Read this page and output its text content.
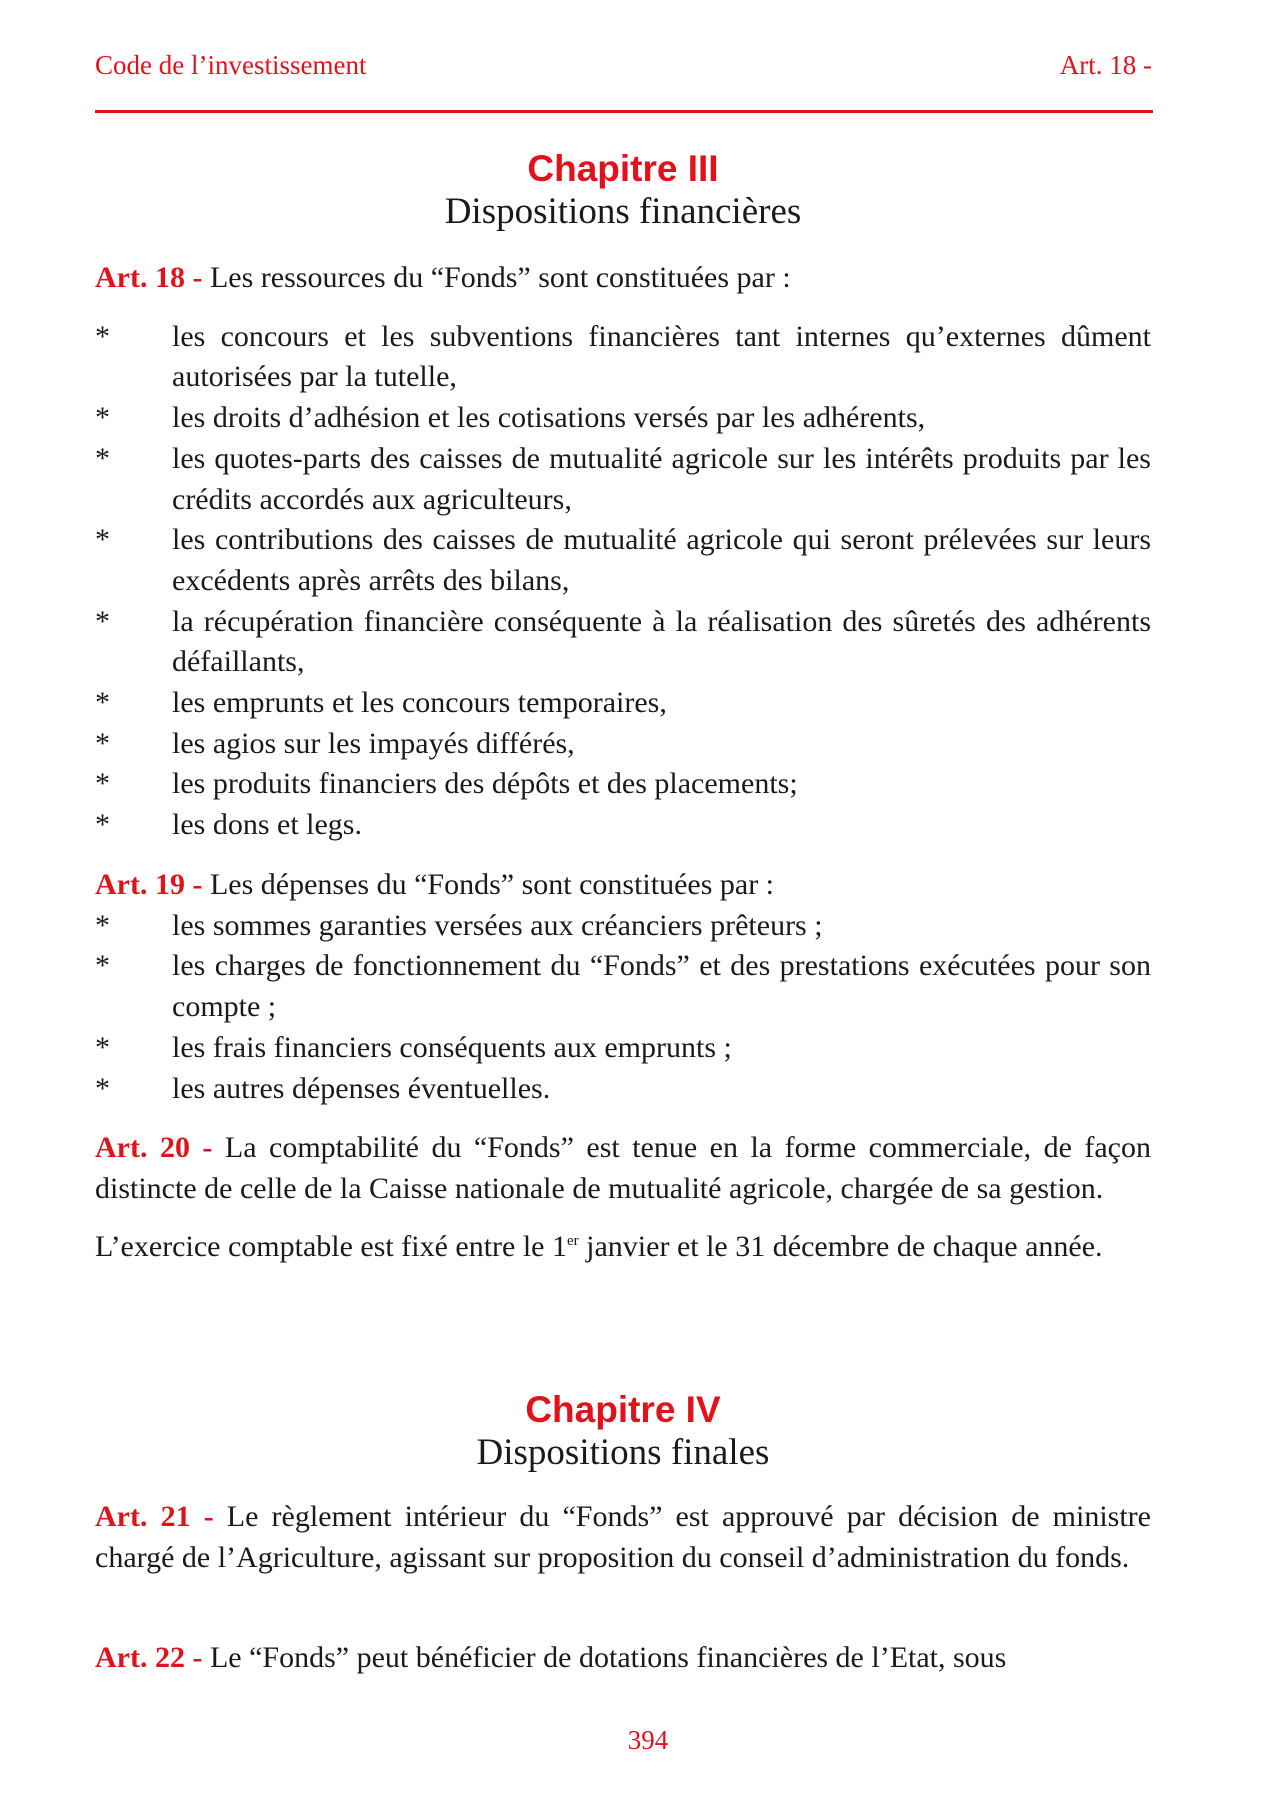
Code de l’investissement	Art. 18 -
Chapitre III
Dispositions financières
Art. 18 - Les ressources du “Fonds” sont constituées par :
* les concours et les subventions financières tant internes qu’externes dûment autorisées par la tutelle,
* les droits d’adhésion et les cotisations versés par les adhérents,
* les quotes-parts des caisses de mutualité agricole sur les intérêts produits par les crédits accordés aux agriculteurs,
* les contributions des caisses de mutualité agricole qui seront prélevées sur leurs excédents après arrêts des bilans,
* la récupération financière conséquente à la réalisation des sûretés des adhérents défaillants,
* les emprunts et les concours temporaires,
* les agios sur les impayés différés,
* les produits financiers des dépôts et des placements;
* les dons et legs.
Art. 19 - Les dépenses du “Fonds” sont constituées par :
* les sommes garanties versées aux créanciers prêteurs ;
* les charges de fonctionnement du “Fonds” et des prestations exécutées pour son compte ;
* les frais financiers conséquents aux emprunts ;
* les autres dépenses éventuelles.
Art. 20 - La comptabilité du “Fonds” est tenue en la forme commerciale, de façon distincte de celle de la Caisse nationale de mutualité agricole, chargée de sa gestion.
L’exercice comptable est fixé entre le 1er janvier et le 31 décembre de chaque année.
Chapitre IV
Dispositions finales
Art. 21 - Le règlement intérieur du “Fonds” est approuvé par décision de ministre chargé de l’Agriculture, agissant sur proposition du conseil d’administration du fonds.
Art. 22 - Le “Fonds” peut bénéficier de dotations financières de l’Etat, sous
394
